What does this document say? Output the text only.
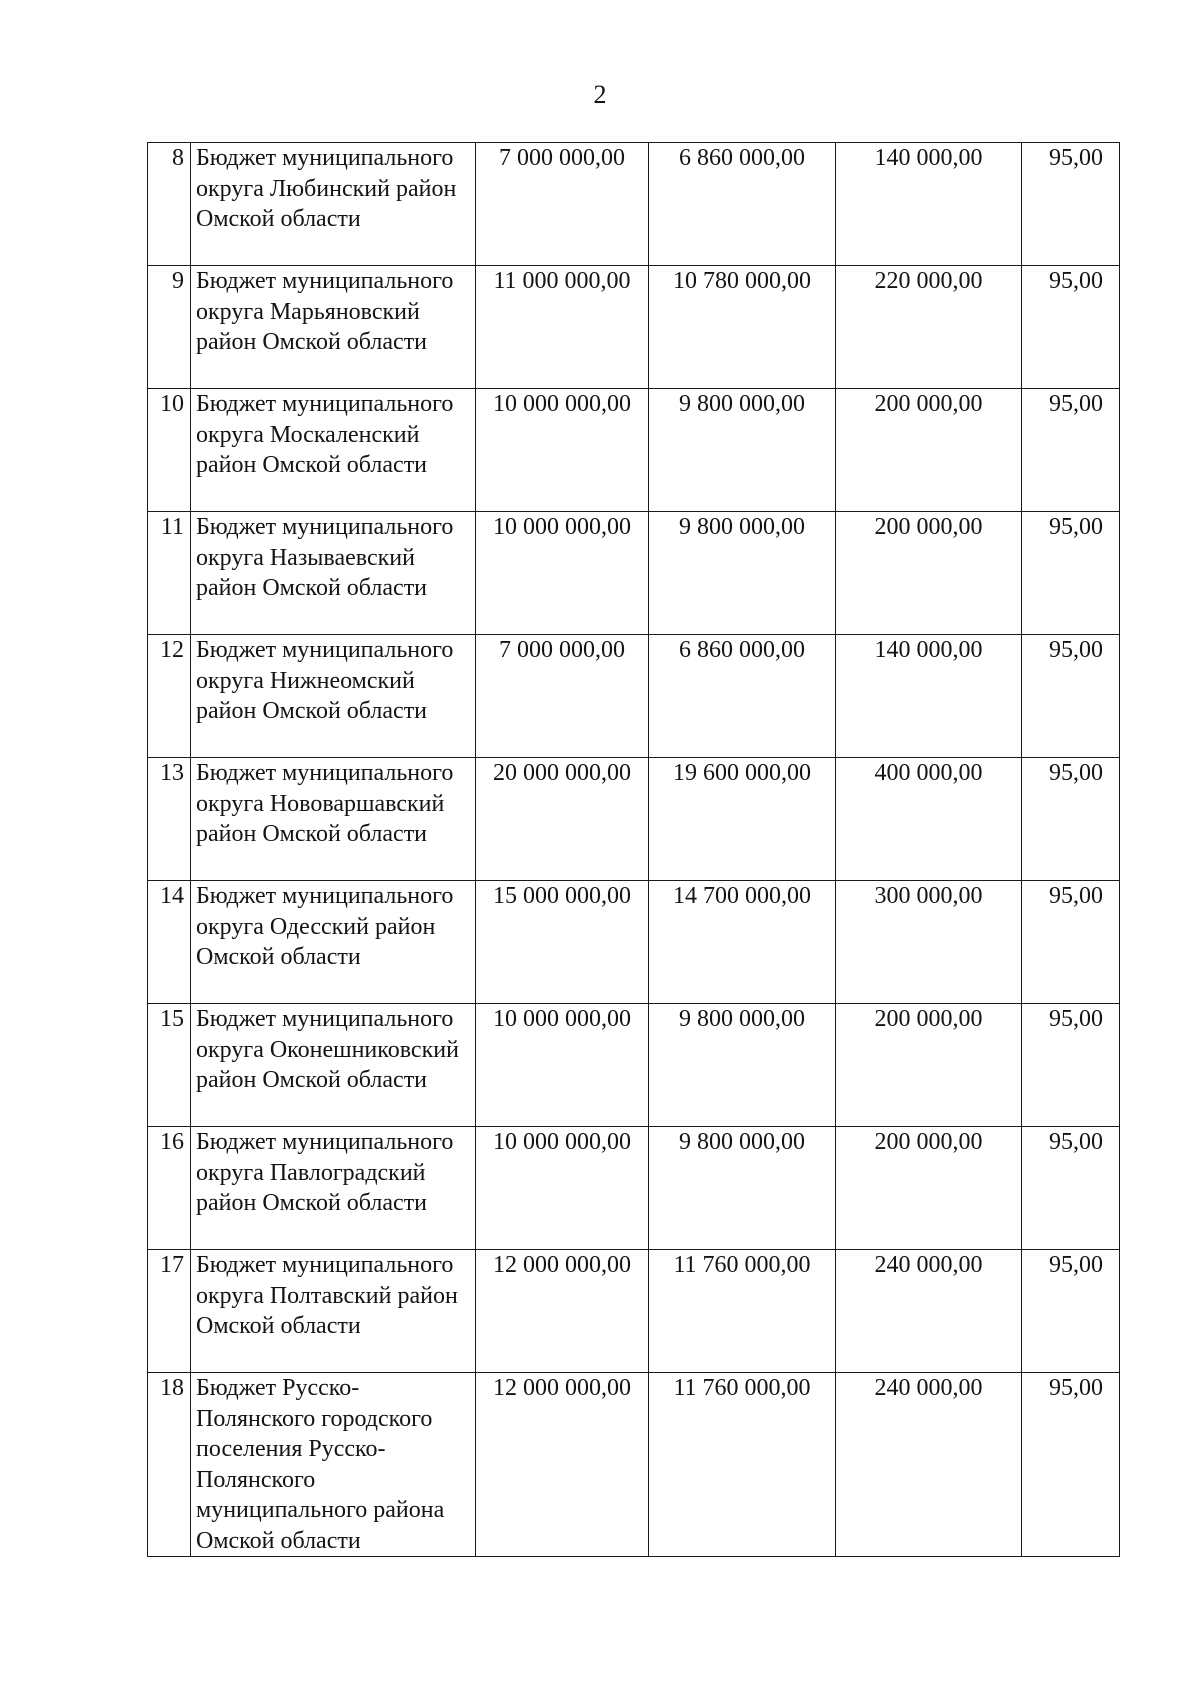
2
8	Бюджет муниципального округа Любинский район Омской области	7 000 000,00	6 860 000,00	140 000,00	95,00
9	Бюджет муниципального округа Марьяновский район Омской области	11 000 000,00	10 780 000,00	220 000,00	95,00
10	Бюджет муниципального округа Москаленский район Омской области	10 000 000,00	9 800 000,00	200 000,00	95,00
11	Бюджет муниципального округа Называевский район Омской области	10 000 000,00	9 800 000,00	200 000,00	95,00
12	Бюджет муниципального округа Нижнеомский район Омской области	7 000 000,00	6 860 000,00	140 000,00	95,00
13	Бюджет муниципального округа Нововаршавский район Омской области	20 000 000,00	19 600 000,00	400 000,00	95,00
14	Бюджет муниципального округа Одесский район Омской области	15 000 000,00	14 700 000,00	300 000,00	95,00
15	Бюджет муниципального округа Оконешниковский район Омской области	10 000 000,00	9 800 000,00	200 000,00	95,00
16	Бюджет муниципального округа Павлоградский район Омской области	10 000 000,00	9 800 000,00	200 000,00	95,00
17	Бюджет муниципального округа Полтавский район Омской области	12 000 000,00	11 760 000,00	240 000,00	95,00
18	Бюджет Русско-Полянского городского поселения Русско-Полянского муниципального района Омской области	12 000 000,00	11 760 000,00	240 000,00	95,00
